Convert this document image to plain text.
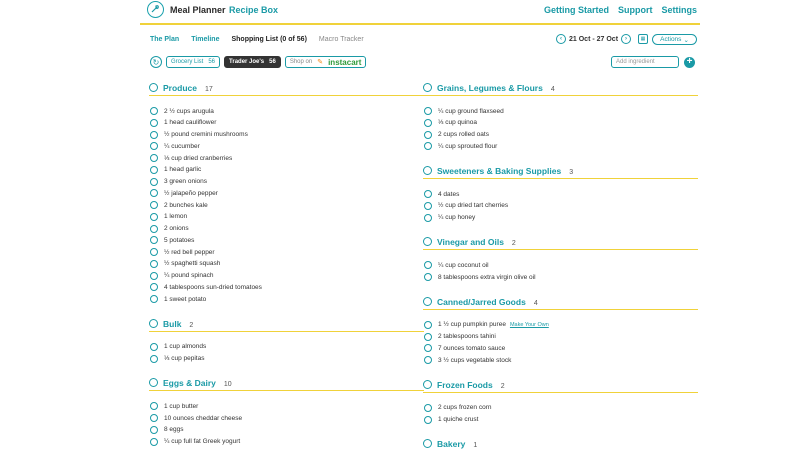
Meal Planner Recipe Box	Getting Started Support Settings
The Plan Timeline Shopping List (0 of 56) Macro Tracker	‹	21 Oct - 27 Oct	›	▦	Actions ⌄
↻	Grocery List 56 Trader Joe's 56 Shop on ✎ instacart	Add ingredient	+
Produce 17
2 ½ cups arugula
1 head cauliflower
½ pound cremini mushrooms
¼ cucumber
⅓ cup dried cranberries
1 head garlic
3 green onions
½ jalapeño pepper
2 bunches kale
1 lemon
2 onions
5 potatoes
½ red bell pepper
½ spaghetti squash
¼ pound spinach
4 tablespoons sun-dried tomatoes
1 sweet potato
Bulk 2
1 cup almonds
⅓ cup pepitas
Eggs & Dairy 10
1 cup butter
10 ounces cheddar cheese
8 eggs
¼ cup full fat Greek yogurt
Grains, Legumes & Flours 4
¼ cup ground flaxseed
⅓ cup quinoa
2 cups rolled oats
¼ cup sprouted flour
Sweeteners & Baking Supplies 3
4 dates
½ cup dried tart cherries
¼ cup honey
Vinegar and Oils 2
¼ cup coconut oil
8 tablespoons extra virgin olive oil
Canned/Jarred Goods 4
1 ½ cup pumpkin puree Make Your Own
2 tablespoons tahini
7 ounces tomato sauce
3 ½ cups vegetable stock
Frozen Foods 2
2 cups frozen corn
1 quiche crust
Bakery 1
